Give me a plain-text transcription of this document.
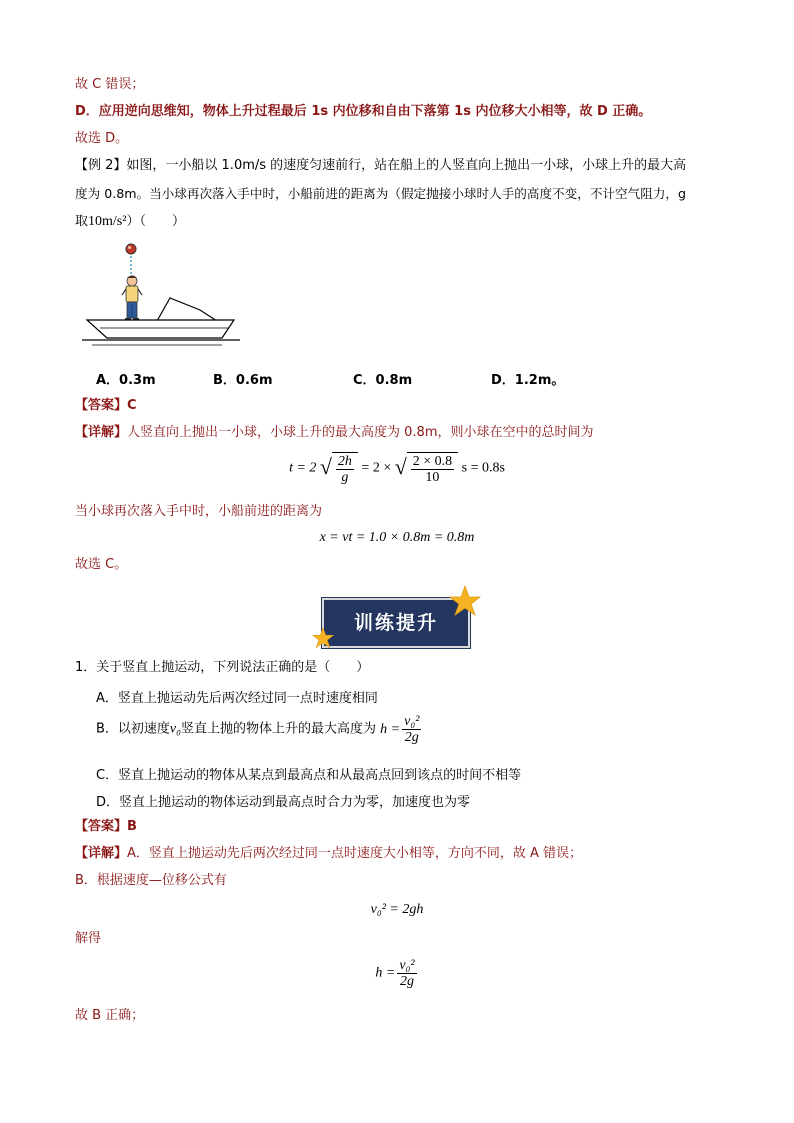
故 C 错误；
D．应用逆向思维知，物体上升过程最后 1s 内位移和自由下落第 1s 内位移大小相等，故 D 正确。
故选 D。
【例 2】如图，一小船以 1.0m/s 的速度匀速前行，站在船上的人竖直向上抛出一小球，小球上升的最大高
度为 0.8m。当小球再次落入手中时，小船前进的距离为（假定抛接小球时人手的高度不变，不计空气阻力，g
取10m/s²）（　　）
A．0.3m	B．0.6m	C．0.8m	D．1.2m。
【答案】C
【详解】人竖直向上抛出一小球，小球上升的最大高度为 0.8m，则小球在空中的总时间为
t = 2 √ $\frac{2h}{g} = 2$ × √ $\frac{2 \times 0.8}{10}$ s = 0.8s
当小球再次落入手中时，小船前进的距离为
x = vt = 1.0 × 0.8m = 0.8m
故选 C。
训练提升
1．关于竖直上抛运动，下列说法正确的是（　　）
A．竖直上抛运动先后两次经过同一点时速度相同
B．以初速度v₀竖直上抛的物体上升的最大高度为 $h = \frac{\text{v₀²}}{2g}$
C．竖直上抛运动的物体从某点到最高点和从最高点回到该点的时间不相等
D．竖直上抛运动的物体运动到最高点时合力为零，加速度也为零
【答案】B
【详解】A．竖直上抛运动先后两次经过同一点时速度大小相等，方向不同，故 A 错误；
B．根据速度—位移公式有
v₀² = 2gh
解得
$h = \frac{\text{v₀²}}{2g}$
故 B 正确；
